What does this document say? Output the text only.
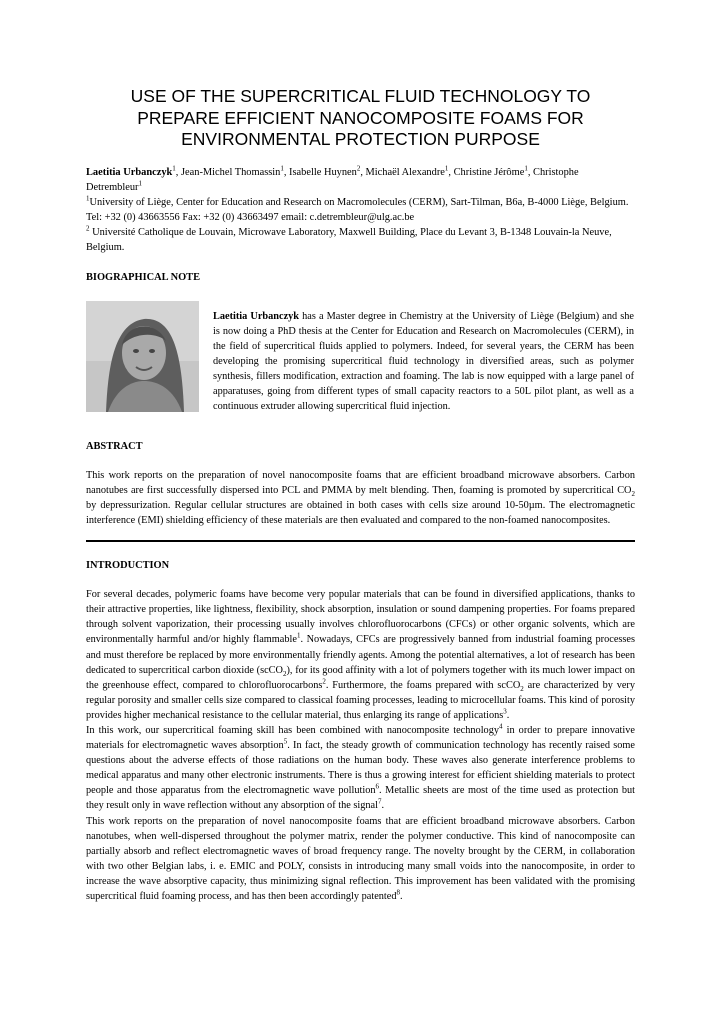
USE OF THE SUPERCRITICAL FLUID TECHNOLOGY TO
PREPARE EFFICIENT NANOCOMPOSITE FOAMS FOR
ENVIRONMENTAL PROTECTION PURPOSE

Laetitia Urbanczyk$^1$, Jean-Michel Thomassin$^1$, Isabelle Huynen$^2$, Michaël Alexandre$^1$, Christine Jérôme$^1$, Christophe Detrembleur$^1$

$^1$University of Liège, Center for Education and Research on Macromolecules (CERM), Sart-Tilman, B6a, B-4000 Liège, Belgium.

Tel: +32 (0) 43663556 Fax: +32 (0) 43663497 email: c.detrembleur@ulg.ac.be

$^2$ Université Catholique de Louvain, Microwave Laboratory, Maxwell Building, Place du Levant 3, B-1348 Louvain-la Neuve, Belgium.

BIOGRAPHICAL NOTE

Laetitia Urbanczyk has a Master degree in Chemistry at the University of Liège (Belgium) and she is now doing a PhD thesis at the Center for Education and Research on Macromolecules (CERM), in the field of supercritical fluids applied to polymers. Indeed, for several years, the CERM has been developing the promising supercritical fluid technology in diversified areas, such as polymer synthesis, fillers modification, extraction and foaming. The lab is now equipped with a large panel of apparatuses, going from different types of small capacity reactors to a 50L pilot plant, as well as a continuous extruder allowing supercritical fluid injection.

ABSTRACT

This work reports on the preparation of novel nanocomposite foams that are efficient broadband microwave absorbers. Carbon nanotubes are first successfully dispersed into PCL and PMMA by melt blending. Then, foaming is promoted by supercritical $CO_2$ by depressurization. Regular cellular structures are obtained in both cases with cells size around 10-50µm. The electromagnetic interference (EMI) shielding efficiency of these materials are then evaluated and compared to the non-foamed nanocomposites.

INTRODUCTION

For several decades, polymeric foams have become very popular materials that can be found in diversified applications, thanks to their attractive properties, like lightness, flexibility, shock absorption, insulation or sound dampening properties. For foams prepared through solvent vaporization, their processing usually involves chlorofluorocarbons (CFCs) or other organic solvents, which are environmentally harmful and/or highly flammable$^1$. Nowadays, CFCs are progressively banned from industrial foaming processes and must therefore be replaced by more environmentally friendly agents. Among the potential alternatives, a lot of research has been dedicated to supercritical carbon dioxide (scCO$_2$), for its good affinity with a lot of polymers together with its much lower impact on the greenhouse effect, compared to chlorofluorocarbons$^2$. Furthermore, the foams prepared with scCO$_2$ are characterized by very regular porosity and smaller cells size compared to classical foaming processes, leading to microcellular foams. This kind of porosity provides higher mechanical resistance to the cellular material, thus enlarging its range of applications$^3$.

In this work, our supercritical foaming skill has been combined with nanocomposite technology$^4$ in order to prepare innovative materials for electromagnetic waves absorption$^5$. In fact, the steady growth of communication technology has recently raised some questions about the adverse effects of those radiations on the human body. These waves also generate interference problems to medical apparatus and many other electronic instruments. There is thus a growing interest for efficient shielding materials to protect people and those apparatus from the electromagnetic wave pollution$^6$. Metallic sheets are most of the time used as protection but they result only in wave reflection without any absorption of the signal$^7$.

This work reports on the preparation of novel nanocomposite foams that are efficient broadband microwave absorbers. Carbon nanotubes, when well-dispersed throughout the polymer matrix, render the polymer conductive. This kind of nanocomposite can partially absorb and reflect electromagnetic waves of broad frequency range. The novelty brought by the CERM, in collaboration with two other Belgian labs, i. e. EMIC and POLY, consists in introducing many small voids into the nanocomposite, in order to increase the wave absorptive capacity, thus minimizing signal reflection. This improvement has been validated with the promising supercritical fluid foaming process, and has then been accordingly patented$^8$.
